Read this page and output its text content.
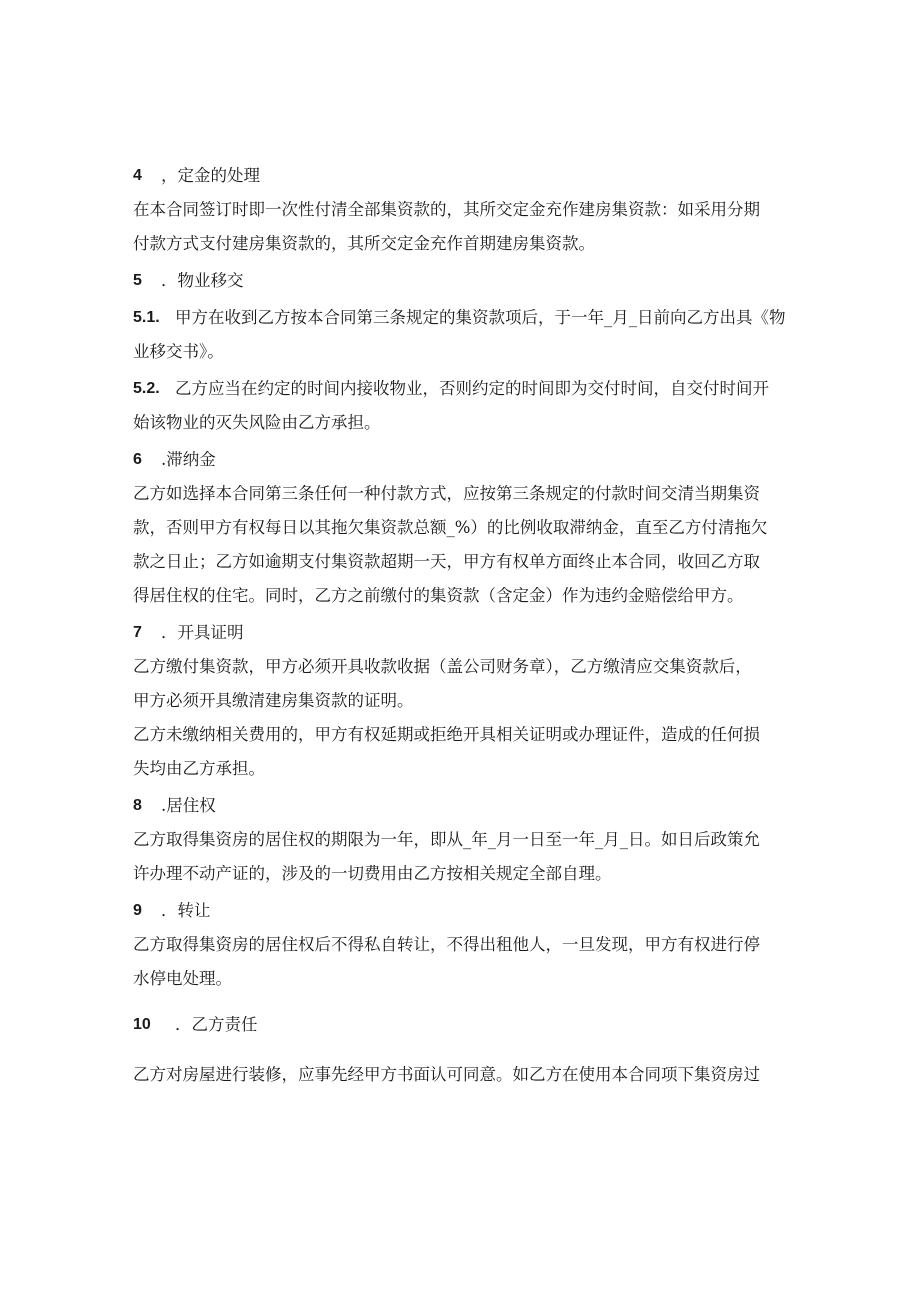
4	，定金的处理
在本合同签订时即一次性付清全部集资款的，其所交定金充作建房集资款：如采用分期
付款方式支付建房集资款的，其所交定金充作首期建房集资款。
5	．物业移交
5.1. 甲方在收到乙方按本合同第三条规定的集资款项后，于一年_月_日前向乙方出具《物
业移交书》。
5.2. 乙方应当在约定的时间内接收物业，否则约定的时间即为交付时间，自交付时间开
始该物业的灭失风险由乙方承担。
6	.滞纳金
乙方如选择本合同第三条任何一种付款方式，应按第三条规定的付款时间交清当期集资
款，否则甲方有权每日以其拖欠集资款总额_%）的比例收取滞纳金，直至乙方付清拖欠
款之日止；乙方如逾期支付集资款超期一天，甲方有权单方面终止本合同，收回乙方取
得居住权的住宅。同时，乙方之前缴付的集资款（含定金）作为违约金赔偿给甲方。
7	．开具证明
乙方缴付集资款，甲方必须开具收款收据（盖公司财务章），乙方缴清应交集资款后，
甲方必须开具缴清建房集资款的证明。
乙方未缴纳相关费用的，甲方有权延期或拒绝开具相关证明或办理证件，造成的任何损
失均由乙方承担。
8	.居住权
乙方取得集资房的居住权的期限为一年，即从_年_月一日至一年_月_日。如日后政策允
许办理不动产证的，涉及的一切费用由乙方按相关规定全部自理。
9	．转让
乙方取得集资房的居住权后不得私自转让，不得出租他人，一旦发现，甲方有权进行停
水停电处理。
10	．乙方责任
乙方对房屋进行装修，应事先经甲方书面认可同意。如乙方在使用本合同项下集资房过
